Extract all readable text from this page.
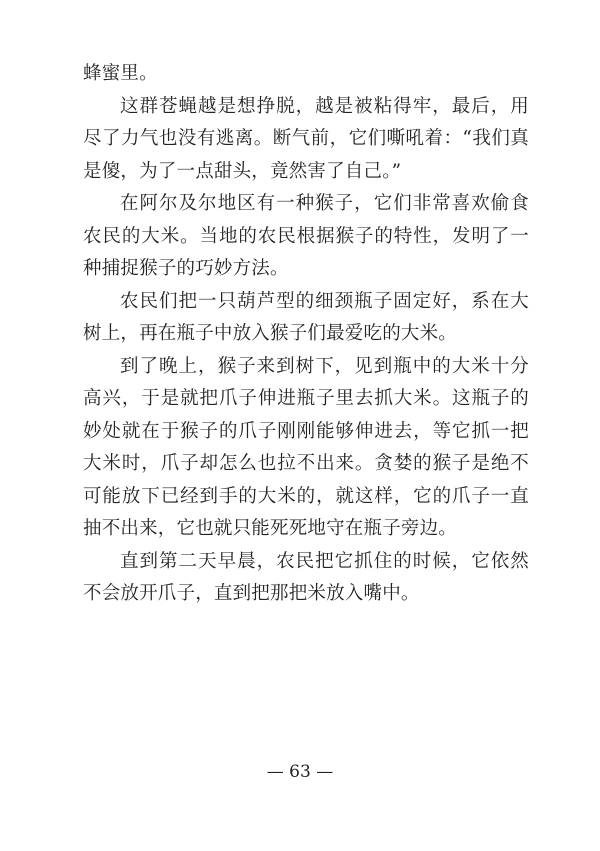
蜂蜜里。

这群苍蝇越是想挣脱，越是被粘得牢，最后，用尽了力气也没有逃离。断气前，它们嘶吼着：“我们真是傻，为了一点甜头，竟然害了自己。”

在阿尔及尔地区有一种猴子，它们非常喜欢偷食农民的大米。当地的农民根据猴子的特性，发明了一种捕捉猴子的巧妙方法。

农民们把一只葫芦型的细颈瓶子固定好，系在大树上，再在瓶子中放入猴子们最爱吃的大米。

到了晚上，猴子来到树下，见到瓶中的大米十分高兴，于是就把爪子伸进瓶子里去抓大米。这瓶子的妙处就在于猴子的爪子刚刚能够伸进去，等它抓一把大米时，爪子却怎么也拉不出来。贪婪的猴子是绝不可能放下已经到手的大米的，就这样，它的爪子一直抽不出来，它也就只能死死地守在瓶子旁边。

直到第二天早晨，农民把它抓住的时候，它依然不会放开爪子，直到把那把米放入嘴中。

— 63 —
